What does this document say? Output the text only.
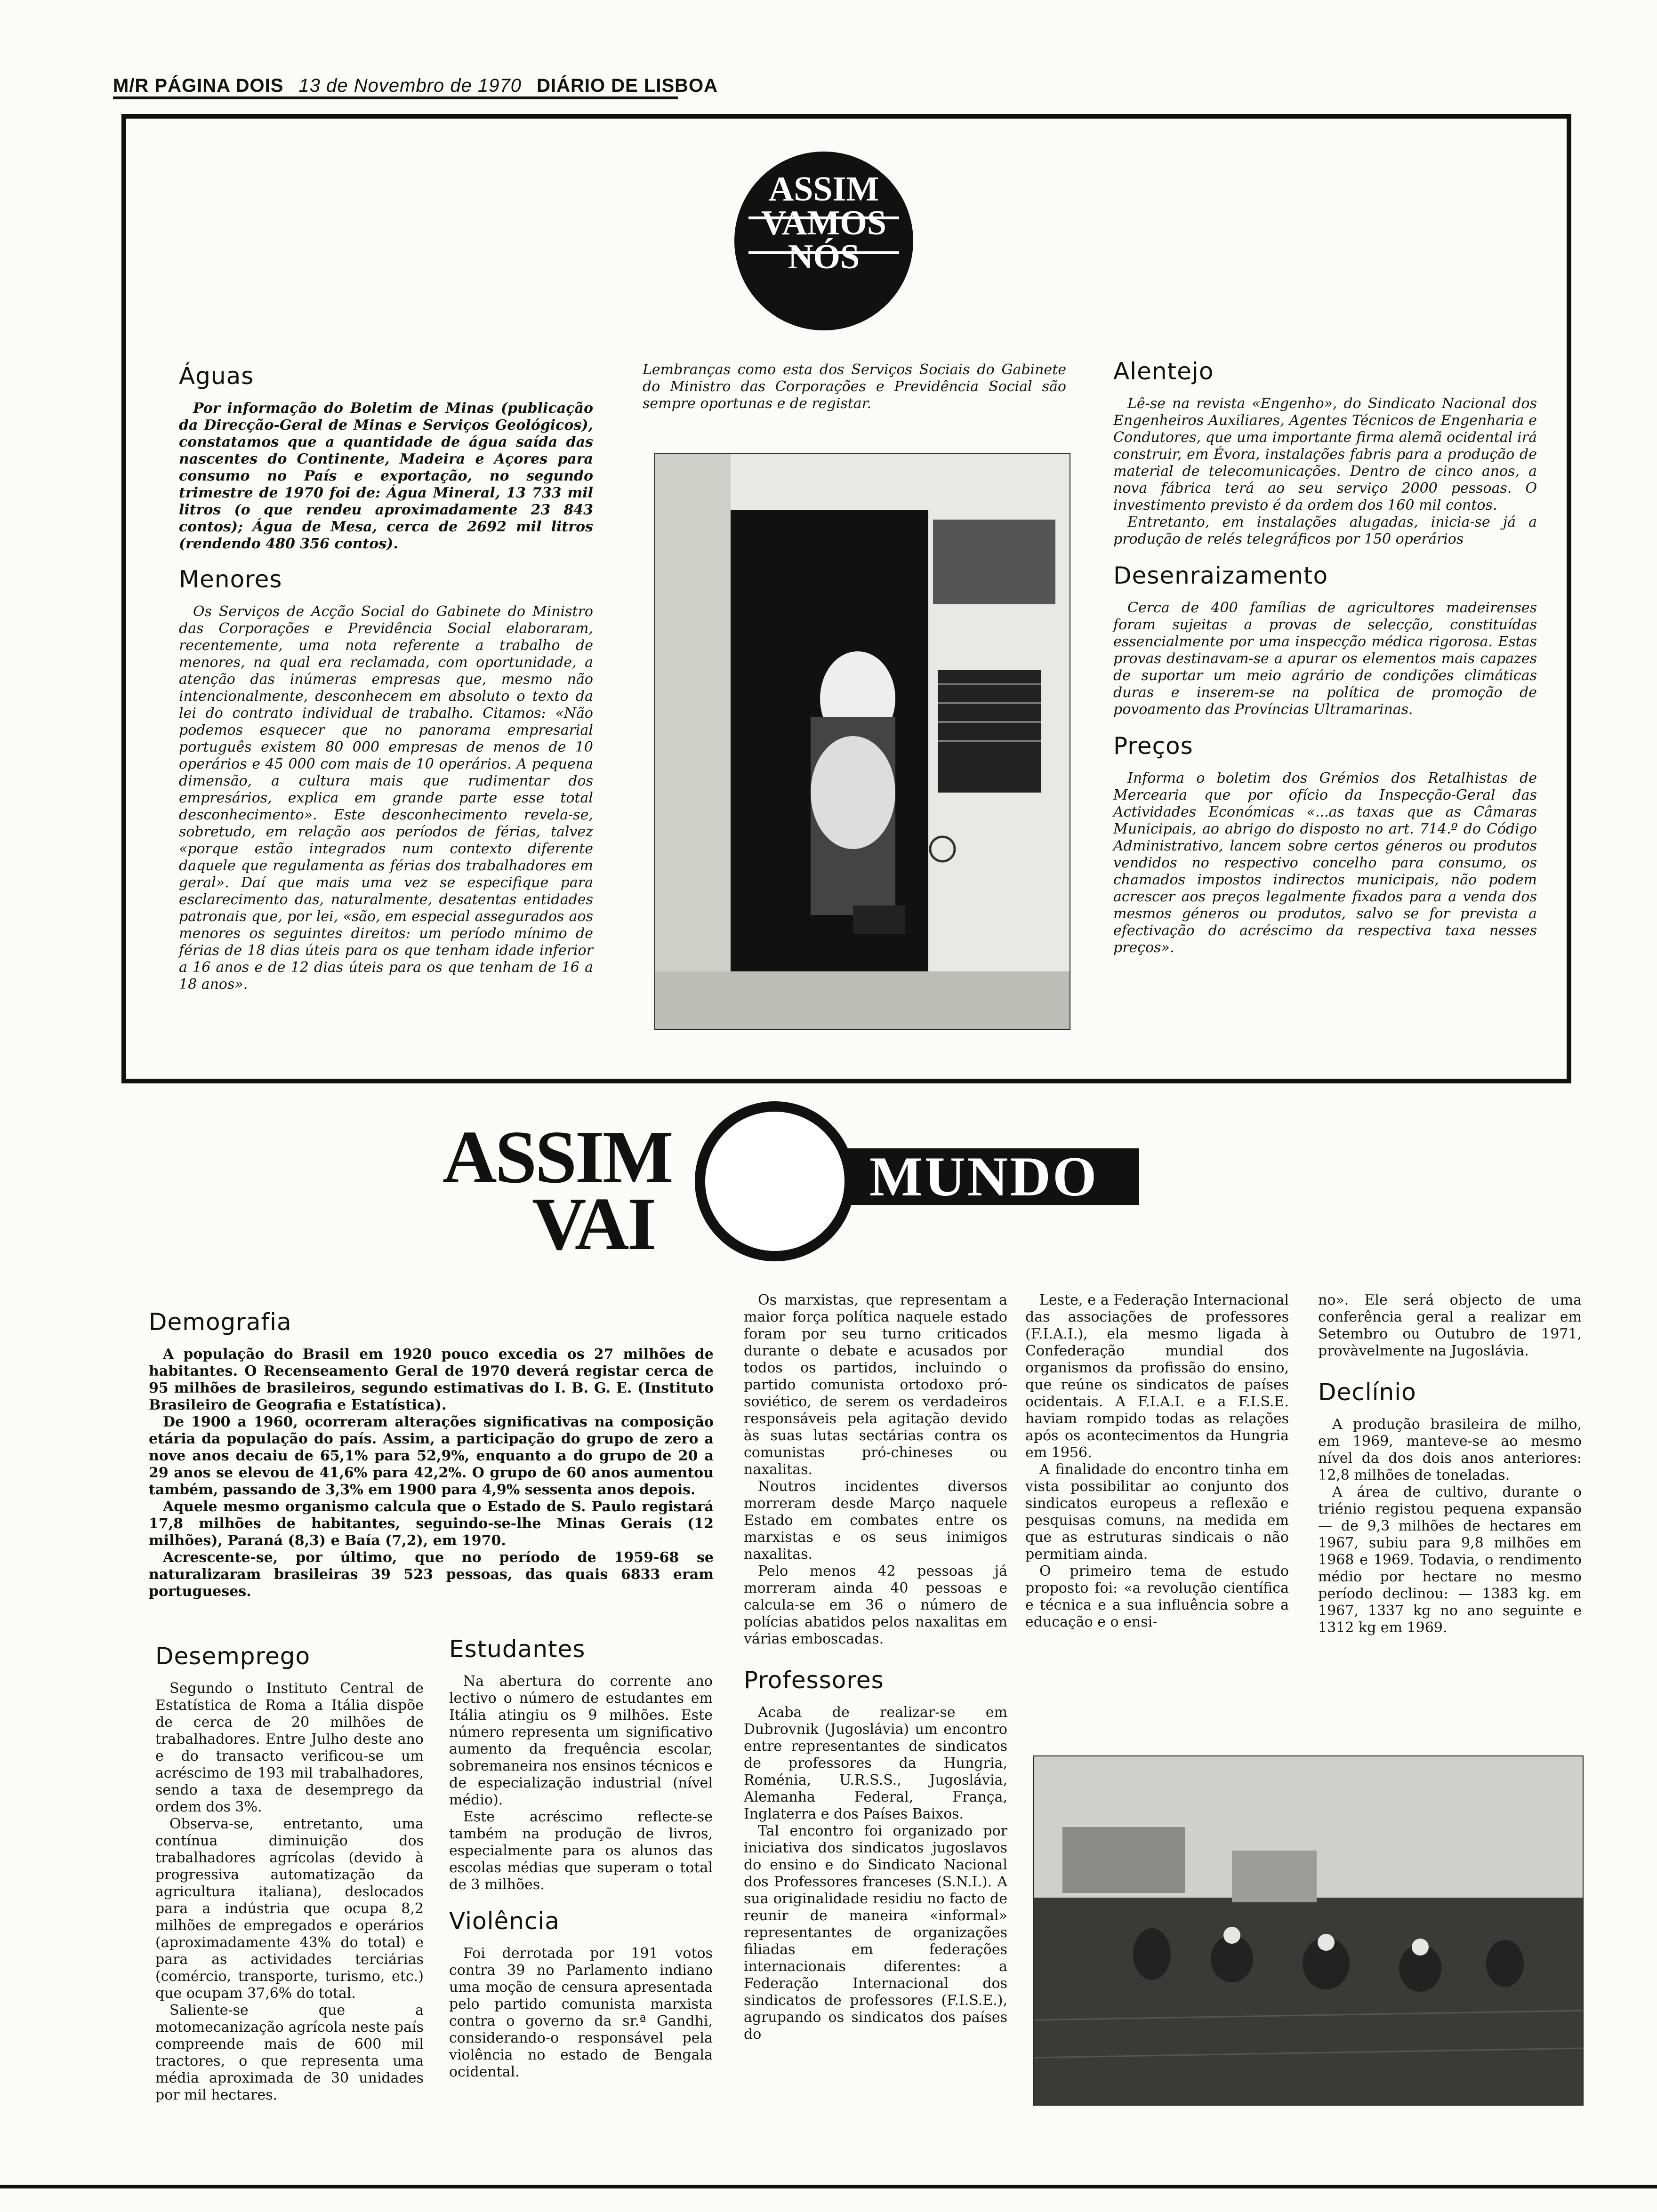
M/R PÁGINA DOIS 13 de Novembro de 1970 DIÁRIO DE LISBOA
ASSIM
VAMOS
NÓS
Águas

Por informação do Boletim de Minas (publicação da Direcção-Geral de Minas e Serviços Geológicos), constatamos que a quantidade de água saída das nascentes do Continente, Madeira e Açores para consumo no País e exportação, no segundo trimestre de 1970 foi de: Água Mineral, 13 733 mil litros (o que rendeu aproximadamente 23 843 contos); Água de Mesa, cerca de 2692 mil litros (rendendo 480 356 contos).

Menores

Os Serviços de Acção Social do Gabinete do Ministro das Corporações e Previdência Social elaboraram, recentemente, uma nota referente a trabalho de menores, na qual era reclamada, com oportunidade, a atenção das inúmeras empresas que, mesmo não intencionalmente, desconhecem em absoluto o texto da lei do contrato individual de trabalho. Citamos: «Não podemos esquecer que no panorama empresarial português existem 80 000 empresas de menos de 10 operários e 45 000 com mais de 10 operários. A pequena dimensão, a cultura mais que rudimentar dos empresários, explica em grande parte esse total desconhecimento». Este desconhecimento revela-se, sobretudo, em relação aos períodos de férias, talvez «porque estão integrados num contexto diferente daquele que regulamenta as férias dos trabalhadores em geral». Daí que mais uma vez se especifique para esclarecimento das, naturalmente, desatentas entidades patronais que, por lei, «são, em especial assegurados aos menores os seguintes direitos: um período mínimo de férias de 18 dias úteis para os que tenham idade inferior a 16 anos e de 12 dias úteis para os que tenham de 16 a 18 anos».

Lembranças como esta dos Serviços Sociais do Gabinete do Ministro das Corporações e Previdência Social são sempre oportunas e de registar.

Alentejo

Lê-se na revista «Engenho», do Sindicato Nacional dos Engenheiros Auxiliares, Agentes Técnicos de Engenharia e Condutores, que uma importante firma alemã ocidental irá construir, em Évora, instalações fabris para a produção de material de telecomunicações. Dentro de cinco anos, a nova fábrica terá ao seu serviço 2000 pessoas. O investimento previsto é da ordem dos 160 mil contos.

Entretanto, em instalações alugadas, inicia-se já a produção de relés telegráficos por 150 operários

Desenraizamento

Cerca de 400 famílias de agricultores madeirenses foram sujeitas a provas de selecção, constituídas essencialmente por uma inspecção médica rigorosa. Estas provas destinavam-se a apurar os elementos mais capazes de suportar um meio agrário de condições climáticas duras e inserem-se na política de promoção de povoamento das Províncias Ultramarinas.

Preços

Informa o boletim dos Grémios dos Retalhistas de Mercearia que por ofício da Inspecção-Geral das Actividades Económicas «...as taxas que as Câmaras Municipais, ao abrigo do disposto no art. 714.º do Código Administrativo, lancem sobre certos géneros ou produtos vendidos no respectivo concelho para consumo, os chamados impostos indirectos municipais, não podem acrescer aos preços legalmente fixados para a venda dos mesmos géneros ou produtos, salvo se for prevista a efectivação do acréscimo da respectiva taxa nesses preços».

ASSIM
VAI
MUNDO
Demografia

A população do Brasil em 1920 pouco excedia os 27 milhões de habitantes. O Recenseamento Geral de 1970 deverá registar cerca de 95 milhões de brasileiros, segundo estimativas do I. B. G. E. (Instituto Brasileiro de Geografia e Estatística).

De 1900 a 1960, ocorreram alterações significativas na composição etária da população do país. Assim, a participação do grupo de zero a nove anos decaiu de 65,1% para 52,9%, enquanto a do grupo de 20 a 29 anos se elevou de 41,6% para 42,2%. O grupo de 60 anos aumentou também, passando de 3,3% em 1900 para 4,9% sessenta anos depois.

Aquele mesmo organismo calcula que o Estado de S. Paulo registará 17,8 milhões de habitantes, seguindo-se-lhe Minas Gerais (12 milhões), Paraná (8,3) e Baía (7,2), em 1970.

Acrescente-se, por último, que no período de 1959-68 se naturalizaram brasileiras 39 523 pessoas, das quais 6833 eram portugueses.

Desemprego

Segundo o Instituto Central de Estatística de Roma a Itália dispõe de cerca de 20 milhões de trabalhadores. Entre Julho deste ano e do transacto verificou-se um acréscimo de 193 mil trabalhadores, sendo a taxa de desemprego da ordem dos 3%.

Observa-se, entretanto, uma contínua diminuição dos trabalhadores agrícolas (devido à progressiva automatização da agricultura italiana), deslocados para a indústria que ocupa 8,2 milhões de empregados e operários (aproximadamente 43% do total) e para as actividades terciárias (comércio, transporte, turismo, etc.) que ocupam 37,6% do total.

Saliente-se que a motomecanização agrícola neste país compreende mais de 600 mil tractores, o que representa uma média aproximada de 30 unidades por mil hectares.

Estudantes

Na abertura do corrente ano lectivo o número de estudantes em Itália atingiu os 9 milhões. Este número representa um significativo aumento da frequência escolar, sobremaneira nos ensinos técnicos e de especialização industrial (nível médio).

Este acréscimo reflecte-se também na produção de livros, especialmente para os alunos das escolas médias que superam o total de 3 milhões.

Violência

Foi derrotada por 191 votos contra 39 no Parlamento indiano uma moção de censura apresentada pelo partido comunista marxista contra o governo da sr.ª Gandhi, considerando-o responsável pela violência no estado de Bengala ocidental.

Os marxistas, que representam a maior força política naquele estado foram por seu turno criticados durante o debate e acusados por todos os partidos, incluindo o partido comunista ortodoxo pró-soviético, de serem os verdadeiros responsáveis pela agitação devido às suas lutas sectárias contra os comunistas pró-chineses ou naxalitas.

Noutros incidentes diversos morreram desde Março naquele Estado em combates entre os marxistas e os seus inimigos naxalitas.

Pelo menos 42 pessoas já morreram ainda 40 pessoas e calcula-se em 36 o número de polícias abatidos pelos naxalitas em várias emboscadas.

Professores

Acaba de realizar-se em Dubrovnik (Jugoslávia) um encontro entre representantes de sindicatos de professores da Hungria, Roménia, U.R.S.S., Jugoslávia, Alemanha Federal, França, Inglaterra e dos Países Baixos.

Tal encontro foi organizado por iniciativa dos sindicatos jugoslavos do ensino e do Sindicato Nacional dos Professores franceses (S.N.I.). A sua originalidade residiu no facto de reunir de maneira «informal» representantes de organizações filiadas em federações internacionais diferentes: a Federação Internacional dos sindicatos de professores (F.I.S.E.), agrupando os sindicatos dos países do

Leste, e a Federação Internacional das associações de professores (F.I.A.I.), ela mesmo ligada à Confederação mundial dos organismos da profissão do ensino, que reúne os sindicatos de países ocidentais. A F.I.A.I. e a F.I.S.E. haviam rompido todas as relações após os acontecimentos da Hungria em 1956.

A finalidade do encontro tinha em vista possibilitar ao conjunto dos sindicatos europeus a reflexão e pesquisas comuns, na medida em que as estruturas sindicais o não permitiam ainda.

O primeiro tema de estudo proposto foi: «a revolução científica e técnica e a sua influência sobre a educação e o ensi-

no». Ele será objecto de uma conferência geral a realizar em Setembro ou Outubro de 1971, provàvelmente na Jugoslávia.

Declínio

A produção brasileira de milho, em 1969, manteve-se ao mesmo nível da dos dois anos anteriores: 12,8 milhões de toneladas.

A área de cultivo, durante o triénio registou pequena expansão — de 9,3 milhões de hectares em 1967, subiu para 9,8 milhões em 1968 e 1969. Todavia, o rendimento médio por hectare no mesmo período declinou: — 1383 kg. em 1967, 1337 kg no ano seguinte e 1312 kg em 1969.
